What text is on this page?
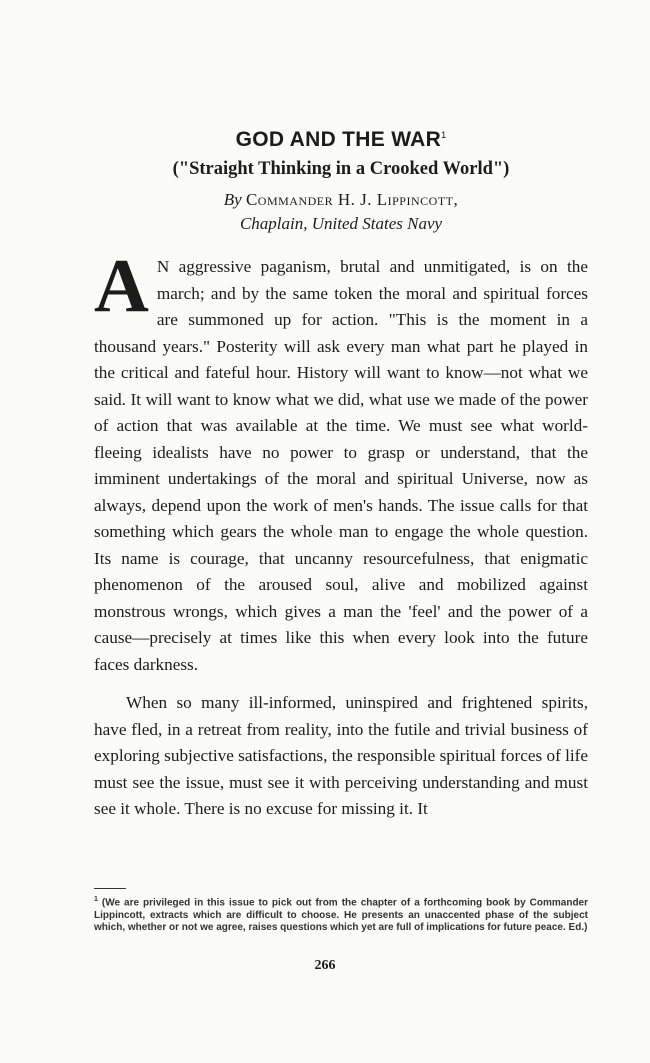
GOD AND THE WAR$^1$
("Straight Thinking in a Crooked World")
By Commander H. J. Lippincott,
Chaplain, United States Navy

A N aggressive paganism, brutal and unmitigated, is on the march; and by the same token the moral and spiritual forces are summoned up for action. "This is the moment in a thousand years." Posterity will ask every man what part he played in the critical and fateful hour. History will want to know—not what we said. It will want to know what we did, what use we made of the power of action that was available at the time. We must see what world-fleeing idealists have no power to grasp or understand, that the imminent undertakings of the moral and spiritual Universe, now as always, depend upon the work of men's hands. The issue calls for that something which gears the whole man to engage the whole question. Its name is courage, that uncanny resourcefulness, that enigmatic phenomenon of the aroused soul, alive and mobilized against monstrous wrongs, which gives a man the 'feel' and the power of a cause—precisely at times like this when every look into the future faces darkness.

When so many ill-informed, uninspired and frightened spirits, have fled, in a retreat from reality, into the futile and trivial business of exploring subjective satisfactions, the responsible spiritual forces of life must see the issue, must see it with perceiving understanding and must see it whole. There is no excuse for missing it. It

$^1$ (We are privileged in this issue to pick out from the chapter of a forthcoming book by Commander Lippincott, extracts which are difficult to choose. He presents an unaccented phase of the subject which, whether or not we agree, raises questions which yet are full of implications for future peace. Ed.)
266
